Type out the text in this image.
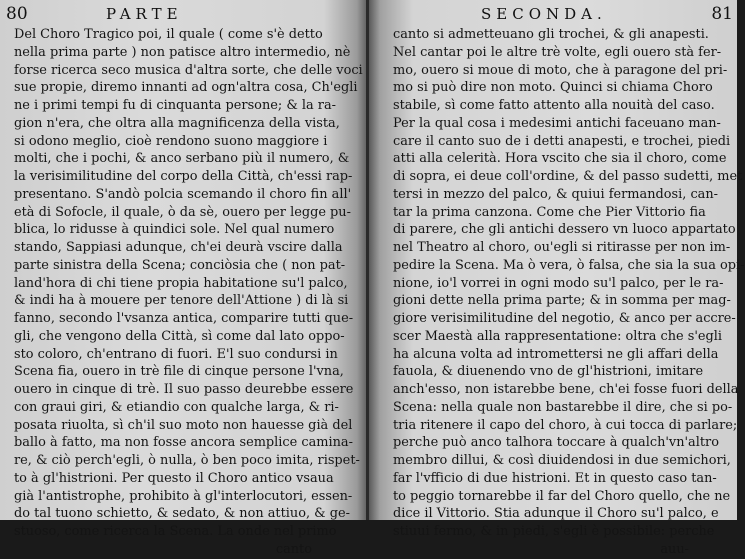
80	PARTE
Del Choro Tragico poi, il quale ( come s'è detto
nella prima parte ) non patisce altro intermedio, nè
forse ricerca seco musica d'altra sorte, che delle voci
sue propie, diremo innanti ad ogn'altra cosa, Ch'egli
ne i primi tempi fu di cinquanta persone; & la ra-
gion n'era, che oltra alla magnificenza della vista,
si odono meglio, cioè rendono suono maggiore i
molti, che i pochi, & anco serbano più il numero, &
la verisimilitudine del corpo della Città, ch'essi rap-
presentano. S'andò polcia scemando il choro fin all'
età di Sofocle, il quale, ò da sè, ouero per legge pu-
blica, lo ridusse à quindici sole. Nel qual numero
stando, Sappiasi adunque, ch'ei deurà vscire dalla
parte sinistra della Scena; conciòsia che ( non pat-
land'hora di chi tiene propia habitatione su'l palco,
& indi ha à mouere per tenore dell'Attione ) di là si
fanno, secondo l'vsanza antica, comparire tutti que-
gli, che vengono della Città, sì come dal lato oppo-
sto coloro, ch'entrano di fuori. E'l suo condursi in
Scena fia, ouero in trè file di cinque persone l'vna,
ouero in cinque di trè. Il suo passo deurebbe essere
con graui giri, & etiandio con qualche larga, & ri-
posata riuolta, sì ch'il suo moto non hauesse già del
ballo à fatto, ma non fosse ancora semplice camina-
re, & ciò perch'egli, ò nulla, ò ben poco imita, rispet-
to à gl'histrioni. Per questo il Choro antico vsaua
già l'antistrophe, prohibito à gl'interlocutori, essen-
do tal tuono schietto, & sedato, & non attiuo, & ge-
stuoso, come ricerca la Scena. La onde nel primo
canto
SECONDA.	81
canto si admetteuano gli trochei, & gli anapesti.
Nel cantar poi le altre trè volte, egli ouero stà fer-
mo, ouero si moue di moto, che à paragone del pri-
mo si può dire non moto. Quinci si chiama Choro
stabile, sì come fatto attento alla nouità del caso.
Per la qual cosa i medesimi antichi faceuano man-
care il canto suo de i detti anapesti, e trochei, piedi
atti alla celerità. Hora vscito che sia il choro, come
di sopra, ei deue coll'ordine, & del passo sudetti, met
tersi in mezzo del palco, & quiui fermandosi, can-
tar la prima canzona. Come che Pier Vittorio fia
di parere, che gli antichi dessero vn luoco appartato
nel Theatro al choro, ou'egli si ritirasse per non im-
pedire la Scena. Ma ò vera, ò falsa, che sia la sua opi-
nione, io'l vorrei in ogni modo su'l palco, per le ra-
gioni dette nella prima parte; & in somma per mag-
giore verisimilitudine del negotio, & anco per accre-
scer Maestà alla rappresentatione: oltra che s'egli
ha alcuna volta ad intromettersi ne gli affari della
fauola, & diuenendo vno de gl'histrioni, imitare
anch'esso, non istarebbe bene, ch'ei fosse fuori della
Scena: nella quale non bastarebbe il dire, che si po-
tria ritenere il capo del choro, à cui tocca di parlare;
perche può anco talhora toccare à qualch'vn'altro
membro dillui, & così diuidendosi in due semichori,
far l'vfficio di due histrioni. Et in questo caso tan-
to peggio tornarebbe il far del Choro quello, che ne
dice il Vittorio. Stia adunque il Choro su'l palco, e
stiuui fermo, & in piedi, s'egli è possibile: perche
auu-
